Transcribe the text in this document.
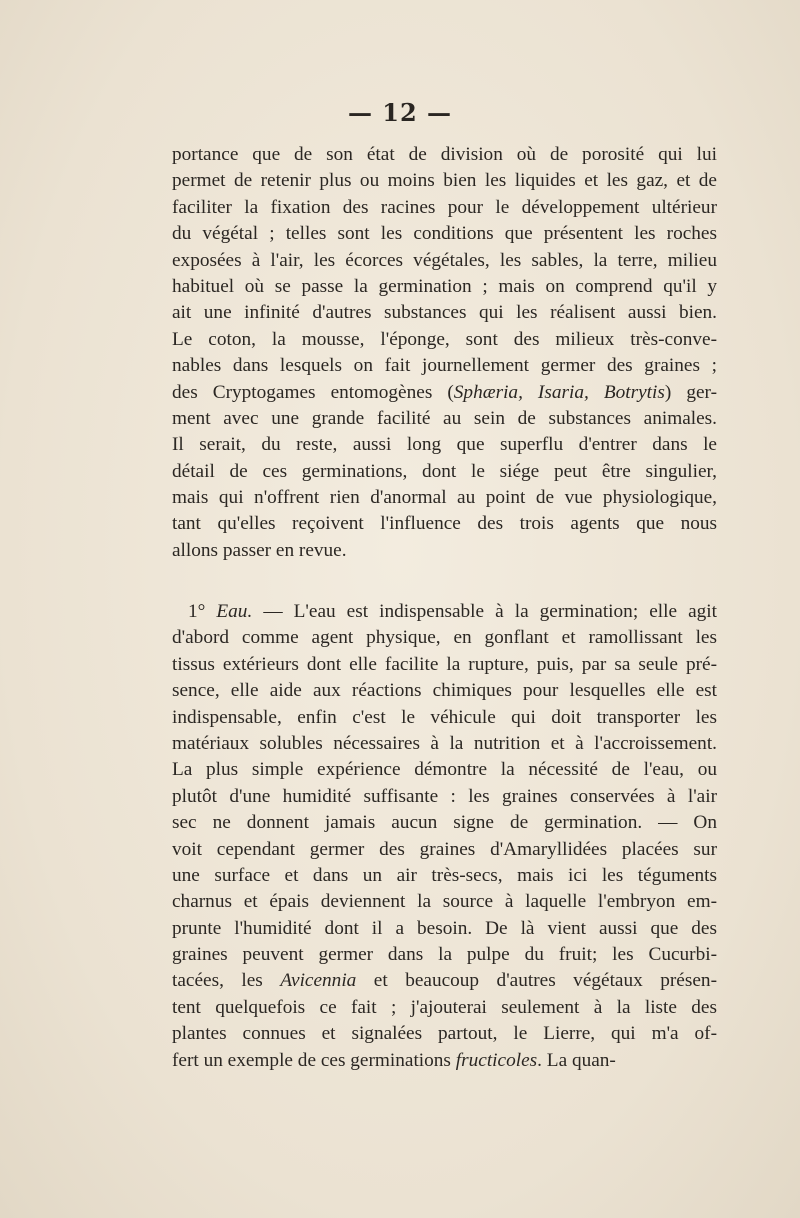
— 12 —
portance que de son état de division où de porosité qui lui
permet de retenir plus ou moins bien les liquides et les gaz, et de
faciliter la fixation des racines pour le développement ultérieur
du végétal ; telles sont les conditions que présentent les roches
exposées à l'air, les écorces végétales, les sables, la terre, milieu
habituel où se passe la germination ; mais on comprend qu'il y
ait une infinité d'autres substances qui les réalisent aussi bien.
Le coton, la mousse, l'éponge, sont des milieux très-conve-
nables dans lesquels on fait journellement germer des graines ;
des Cryptogames entomogènes (Sphæria, Isaria, Botrytis) ger-
ment avec une grande facilité au sein de substances animales.
Il serait, du reste, aussi long que superflu d'entrer dans le
détail de ces germinations, dont le siége peut être singulier,
mais qui n'offrent rien d'anormal au point de vue physiologique,
tant qu'elles reçoivent l'influence des trois agents que nous
allons passer en revue.
1° Eau. — L'eau est indispensable à la germination; elle agit
d'abord comme agent physique, en gonflant et ramollissant les
tissus extérieurs dont elle facilite la rupture, puis, par sa seule pré-
sence, elle aide aux réactions chimiques pour lesquelles elle est
indispensable, enfin c'est le véhicule qui doit transporter les
matériaux solubles nécessaires à la nutrition et à l'accroissement.
La plus simple expérience démontre la nécessité de l'eau, ou
plutôt d'une humidité suffisante : les graines conservées à l'air
sec ne donnent jamais aucun signe de germination. — On
voit cependant germer des graines d'Amaryllidées placées sur
une surface et dans un air très-secs, mais ici les téguments
charnus et épais deviennent la source à laquelle l'embryon em-
prunte l'humidité dont il a besoin. De là vient aussi que des
graines peuvent germer dans la pulpe du fruit; les Cucurbi-
tacées, les Avicennia et beaucoup d'autres végétaux présen-
tent quelquefois ce fait ; j'ajouterai seulement à la liste des
plantes connues et signalées partout, le Lierre, qui m'a of-
fert un exemple de ces germinations fructicoles. La quan-
